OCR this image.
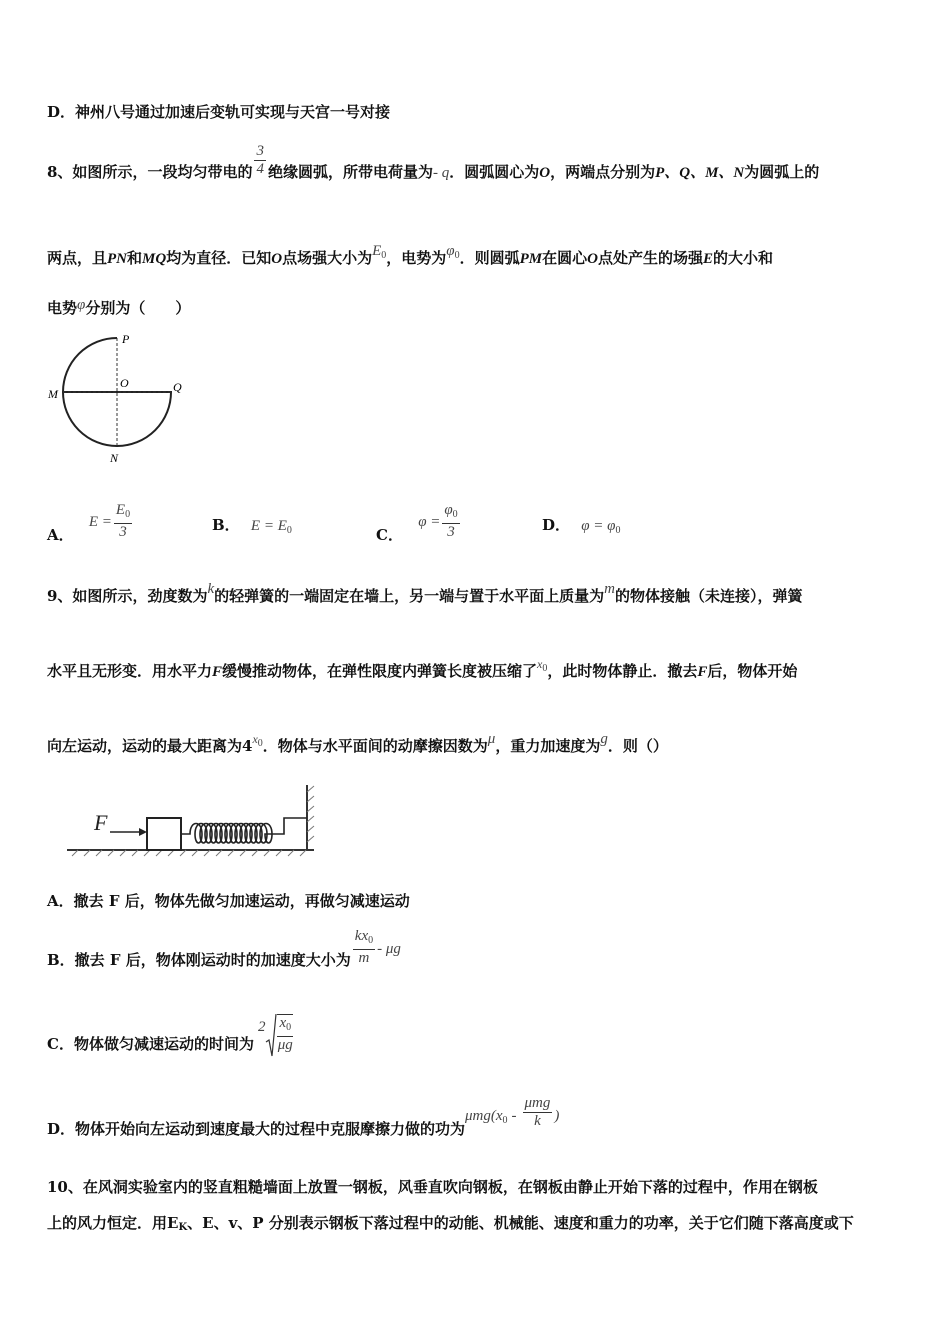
D．神州八号通过加速后变轨可实现与天宫一号对接
8、如图所示，一段均匀带电的 $\frac{3}{4}$ 绝缘圆弧，所带电荷量为- q．圆弧圆心为O，两端点分别为P、Q、M、N为圆弧上的
两点，且PN和MQ均为直径．已知O点场强大小为$E_0$，电势为$\varphi_0$．则圆弧PM在圆心O点处产生的场强E的大小和
电势φ分别为（　　）
P
O
M	Q
N
A． $E = \frac{E_0}{3}$	B． $E = E_0$	C． $\varphi = \frac{\varphi_0}{3}$	D． $\varphi = \varphi_0$
9、如图所示，劲度数为k的轻弹簧的一端固定在墙上，另一端与置于水平面上质量为m的物体接触（未连接），弹簧
水平且无形变．用水平力F缓慢推动物体，在弹性限度内弹簧长度被压缩了$^{x_0}$，此时物体静止．撤去F后，物体开始
向左运动，运动的最大距离为$4^{x_0}$．物体与水平面间的动摩擦因数为μ，重力加速度为g．则（）
F
A．撤去 F 后，物体先做匀加速运动，再做匀减速运动
B．撤去 F 后，物体刚运动时的加速度大小为 $\frac{kx_0}{m}$ - μg
C．物体做匀减速运动的时间为$2 \frac{x_0}{\mu g}$
D．物体开始向左运动到速度最大的过程中克服摩擦力做的功为$\mu mg(x_0 - \frac{\text{μmg}}{k}$ )
10、在风洞实验室内的竖直粗糙墙面上放置一钢板，风垂直吹向钢板，在钢板由静止开始下落的过程中，作用在钢板
上的风力恒定．用EK、E、v、P 分别表示钢板下落过程中的动能、机械能、速度和重力的功率，关于它们随下落高度或下
